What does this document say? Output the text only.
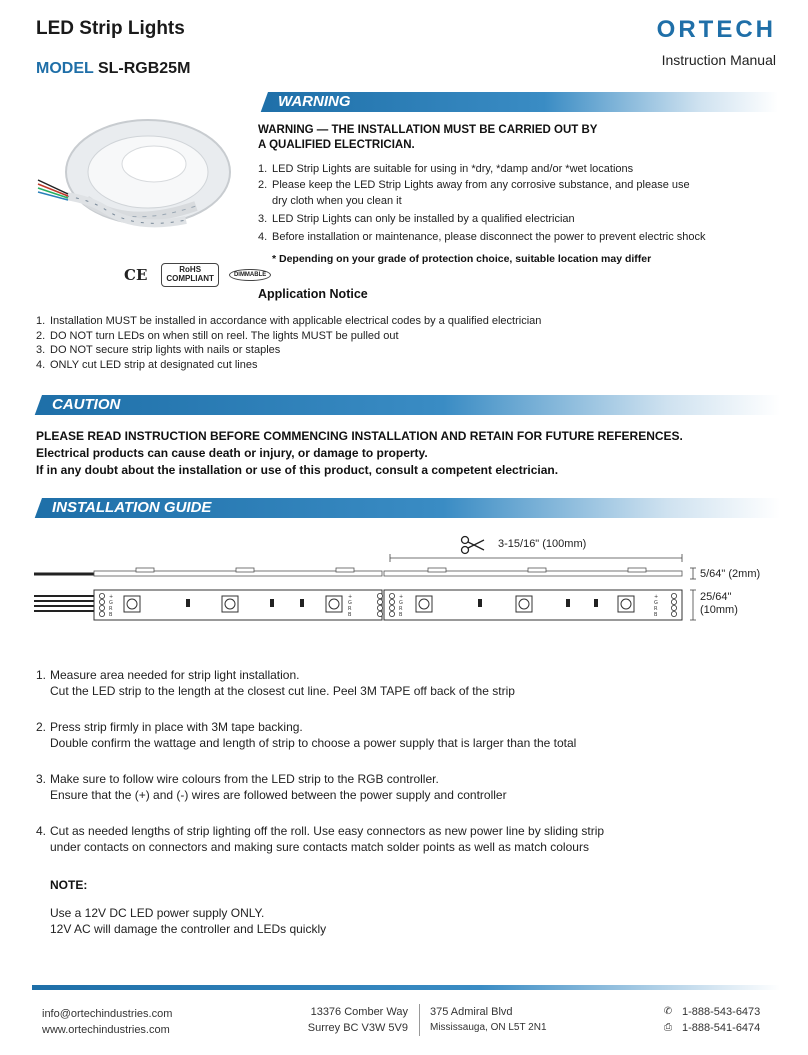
LED Strip Lights
MODEL SL-RGB25M
ORTECH
Instruction Manual
CE	RoHS
COMPLIANT	DIMMABLE
WARNING
WARNING — THE INSTALLATION MUST BE CARRIED OUT BY
A QUALIFIED ELECTRICIAN.
1. LED Strip Lights are suitable for using in *dry, *damp and/or *wet locations
2. Please keep the LED Strip Lights away from any corrosive substance, and please use
dry cloth when you clean it
3. LED Strip Lights can only be installed by a qualified electrician
4. Before installation or maintenance, please disconnect the power to prevent electric shock
* Depending on your grade of protection choice, suitable location may differ
Application Notice
1. Installation MUST be installed in accordance with applicable electrical codes by a qualified electrician
2. DO NOT turn LEDs on when still on reel. The lights MUST be pulled out
3. DO NOT secure strip lights with nails or staples
4. ONLY cut LED strip at designated cut lines
CAUTION
PLEASE READ INSTRUCTION BEFORE COMMENCING INSTALLATION AND RETAIN FOR FUTURE REFERENCES.
Electrical products can cause death or injury, or damage to property.
If in any doubt about the installation or use of this product, consult a competent electrician.
INSTALLATION GUIDE
+
G
R
B
+
G
R
B
+
G
R
B
+
G
R
B
3-15/16" (100mm)
5/64" (2mm)
25/64"
(10mm)
1. Measure area needed for strip light installation.
Cut the LED strip to the length at the closest cut line. Peel 3M TAPE off back of the strip
2. Press strip firmly in place with 3M tape backing.
Double confirm the wattage and length of strip to choose a power supply that is larger than the total
3. Make sure to follow wire colours from the LED strip to the RGB controller.
Ensure that the (+) and (-) wires are followed between the power supply and controller
4. Cut as needed lengths of strip lighting off the roll. Use easy connectors as new power line by sliding strip
under contacts on connectors and making sure contacts match solder points as well as match colours
NOTE:
Use a 12V DC LED power supply ONLY.
12V AC will damage the controller and LEDs quickly
info@ortechindustries.com
www.ortechindustries.com
13376 Comber Way
Surrey BC V3W 5V9
375 Admiral Blvd
Mississauga, ON L5T 2N1
✆ 1-888-543-6473
⎙ 1-888-541-6474
